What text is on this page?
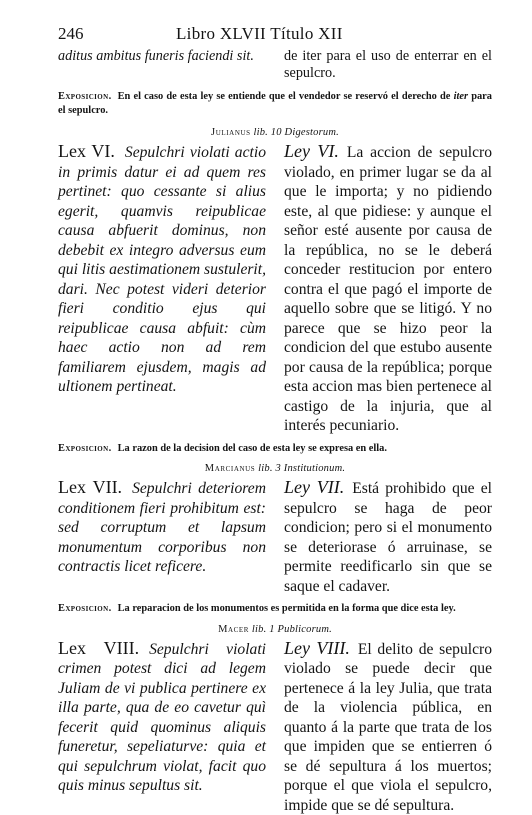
246	Libro XLVII Título XII
aditus ambitus funeris faciendi sit.	de iter para el uso de enterrar en el sepulcro.
Exposicion. En el caso de esta ley se entiende que el vendedor se reservó el derecho de iter para el sepulcro.
Julianus lib. 10 Digestorum.
Lex VI. Sepulchri violati actio in primis datur ei ad quem res pertinet: quo cessante si alius egerit, quamvis reipublicae causa abfuerit dominus, non debebit ex integro adversus eum qui litis aestimationem sustulerit, dari. Nec potest videri deterior fieri conditio ejus qui reipublicae causa abfuit: cùm haec actio non ad rem familiarem ejusdem, magis ad ultionem pertineat.
Ley VI. La accion de sepulcro violado, en primer lugar se da al que le importa; y no pidiendo este, al que pidiese: y aunque el señor esté ausente por causa de la república, no se le deberá conceder restitucion por entero contra el que pagó el importe de aquello sobre que se litigó. Y no parece que se hizo peor la condicion del que estubo ausente por causa de la república; porque esta accion mas bien pertenece al castigo de la injuria, que al interés pecuniario.
Exposicion. La razon de la decision del caso de esta ley se expresa en ella.
Marcianus lib. 3 Institutionum.
Lex VII. Sepulchri deteriorem conditionem fieri prohibitum est: sed corruptum et lapsum monumentum corporibus non contractis licet reficere.
Ley VII. Está prohibido que el sepulcro se haga de peor condicion; pero si el monumento se deteriorase ó arruinase, se permite reedificarlo sin que se saque el cadaver.
Exposicion. La reparacion de los monumentos es permitida en la forma que dice esta ley.
Macer lib. 1 Publicorum.
Lex VIII. Sepulchri violati crimen potest dici ad legem Juliam de vi publica pertinere ex illa parte, qua de eo cavetur quì fecerit quid quominus aliquis funeretur, sepeliaturve: quia et qui sepulchrum violat, facit quo quis minus sepultus sit.
Ley VIII. El delito de sepulcro violado se puede decir que pertenece á la ley Julia, que trata de la violencia pública, en quanto á la parte que trata de los que impiden que se entierren ó se dé sepultura á los muertos; porque el que viola el sepulcro, impide que se dé sepultura.
